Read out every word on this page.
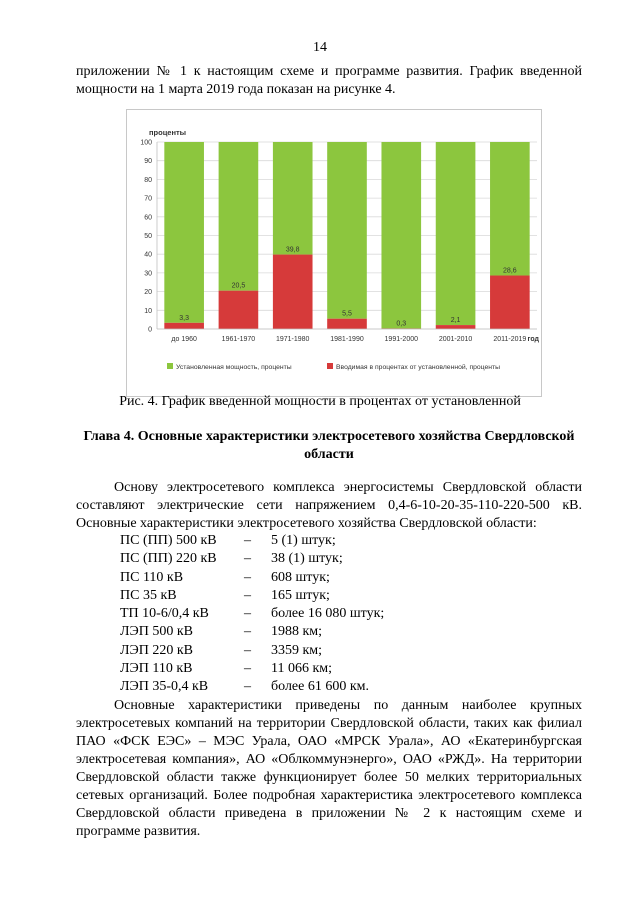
14
приложении № 1 к настоящим схеме и программе развития. График введенной мощности на 1 марта 2019 года показан на рисунке 4.
проценты
0
10
20
30
40
50
60
70
80
90
100
3,3
до 1960
20,5
1961-1970
39,8
1971-1980
5,5
1981-1990
0,3
1991-2000
2,1
2001-2010
28,6
2011-2019 год
Установленная мощность, проценты	Вводимая в процентах от установленной, проценты
Рис. 4. График введенной мощности в процентах от установленной
Глава 4. Основные характеристики электросетевого хозяйства Свердловской области
Основу электросетевого комплекса энергосистемы Свердловской области составляют электрические сети напряжением 0,4-6-10-20-35-110-220-500 кВ. Основные характеристики электросетевого хозяйства Свердловской области:
ПС (ПП) 500 кВ – 5 (1) штук;
ПС (ПП) 220 кВ – 38 (1) штук;
ПС 110 кВ	– 608 штук;
ПС 35 кВ	– 165 штук;
ТП 10-6/0,4 кВ	– более 16 080 штук;
ЛЭП 500 кВ	– 1988 км;
ЛЭП 220 кВ	– 3359 км;
ЛЭП 110 кВ	– 11 066 км;
ЛЭП 35-0,4 кВ	– более 61 600 км.
Основные характеристики приведены по данным наиболее крупных электросетевых компаний на территории Свердловской области, таких как филиал ПАО «ФСК ЕЭС» – МЭС Урала, ОАО «МРСК Урала», АО «Екатеринбургская электросетевая компания», АО «Облкоммунэнерго», ОАО «РЖД». На территории Свердловской области также функционирует более 50 мелких территориальных сетевых организаций. Более подробная характеристика электросетевого комплекса Свердловской области приведена в приложении № 2 к настоящим схеме и программе развития.
